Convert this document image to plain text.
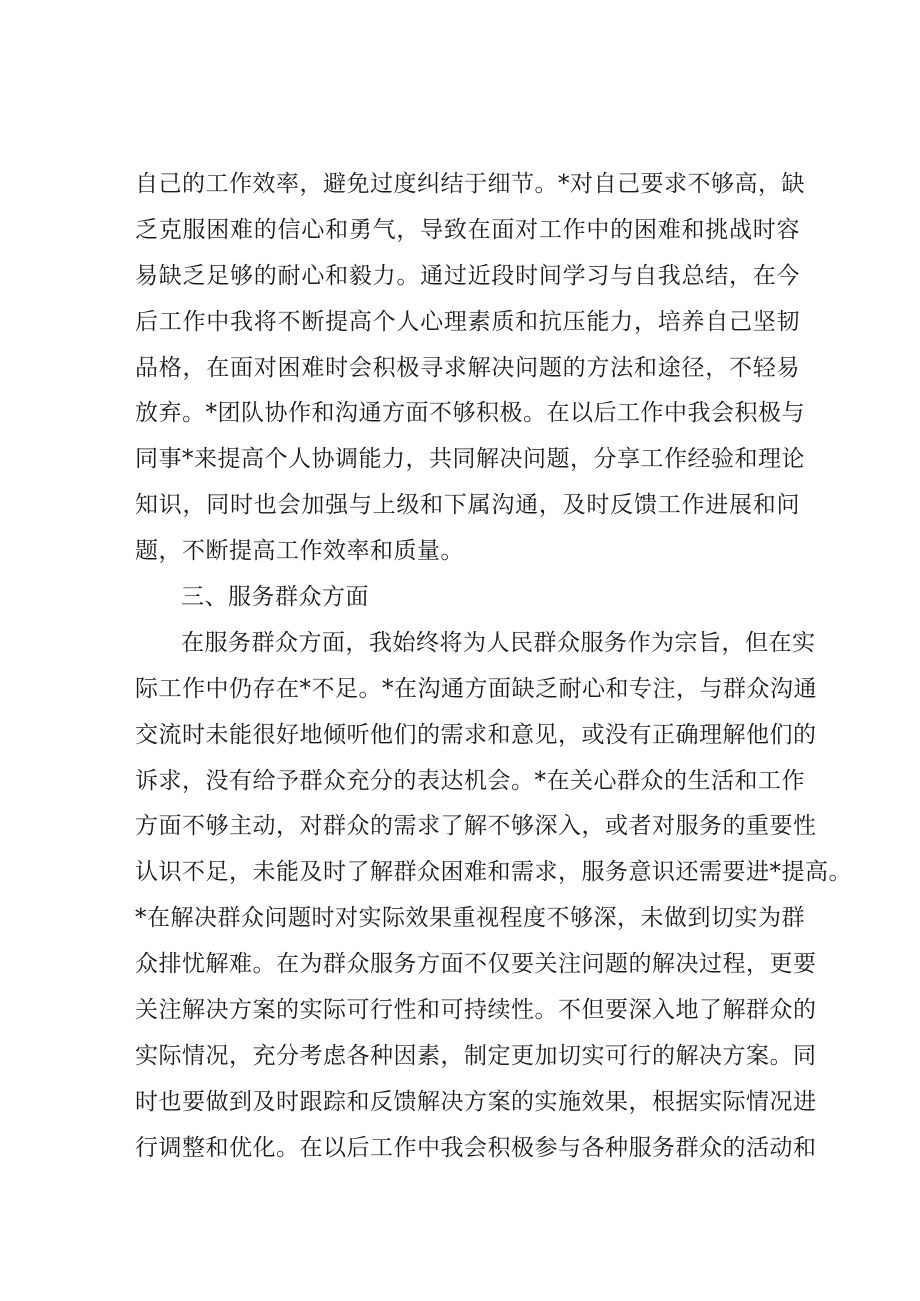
自己的工作效率，避免过度纠结于细节。*对自己要求不够高，缺
乏克服困难的信心和勇气，导致在面对工作中的困难和挑战时容
易缺乏足够的耐心和毅力。通过近段时间学习与自我总结，在今
后工作中我将不断提高个人心理素质和抗压能力，培养自己坚韧
品格，在面对困难时会积极寻求解决问题的方法和途径，不轻易
放弃。*团队协作和沟通方面不够积极。在以后工作中我会积极与
同事*来提高个人协调能力，共同解决问题，分享工作经验和理论
知识，同时也会加强与上级和下属沟通，及时反馈工作进展和问
题，不断提高工作效率和质量。
三、服务群众方面
在服务群众方面，我始终将为人民群众服务作为宗旨，但在实
际工作中仍存在*不足。*在沟通方面缺乏耐心和专注，与群众沟通
交流时未能很好地倾听他们的需求和意见，或没有正确理解他们的
诉求，没有给予群众充分的表达机会。*在关心群众的生活和工作
方面不够主动，对群众的需求了解不够深入，或者对服务的重要性
认识不足，未能及时了解群众困难和需求，服务意识还需要进*提高。
*在解决群众问题时对实际效果重视程度不够深，未做到切实为群
众排忧解难。在为群众服务方面不仅要关注问题的解决过程，更要
关注解决方案的实际可行性和可持续性。不但要深入地了解群众的
实际情况，充分考虑各种因素，制定更加切实可行的解决方案。同
时也要做到及时跟踪和反馈解决方案的实施效果，根据实际情况进
行调整和优化。在以后工作中我会积极参与各种服务群众的活动和
